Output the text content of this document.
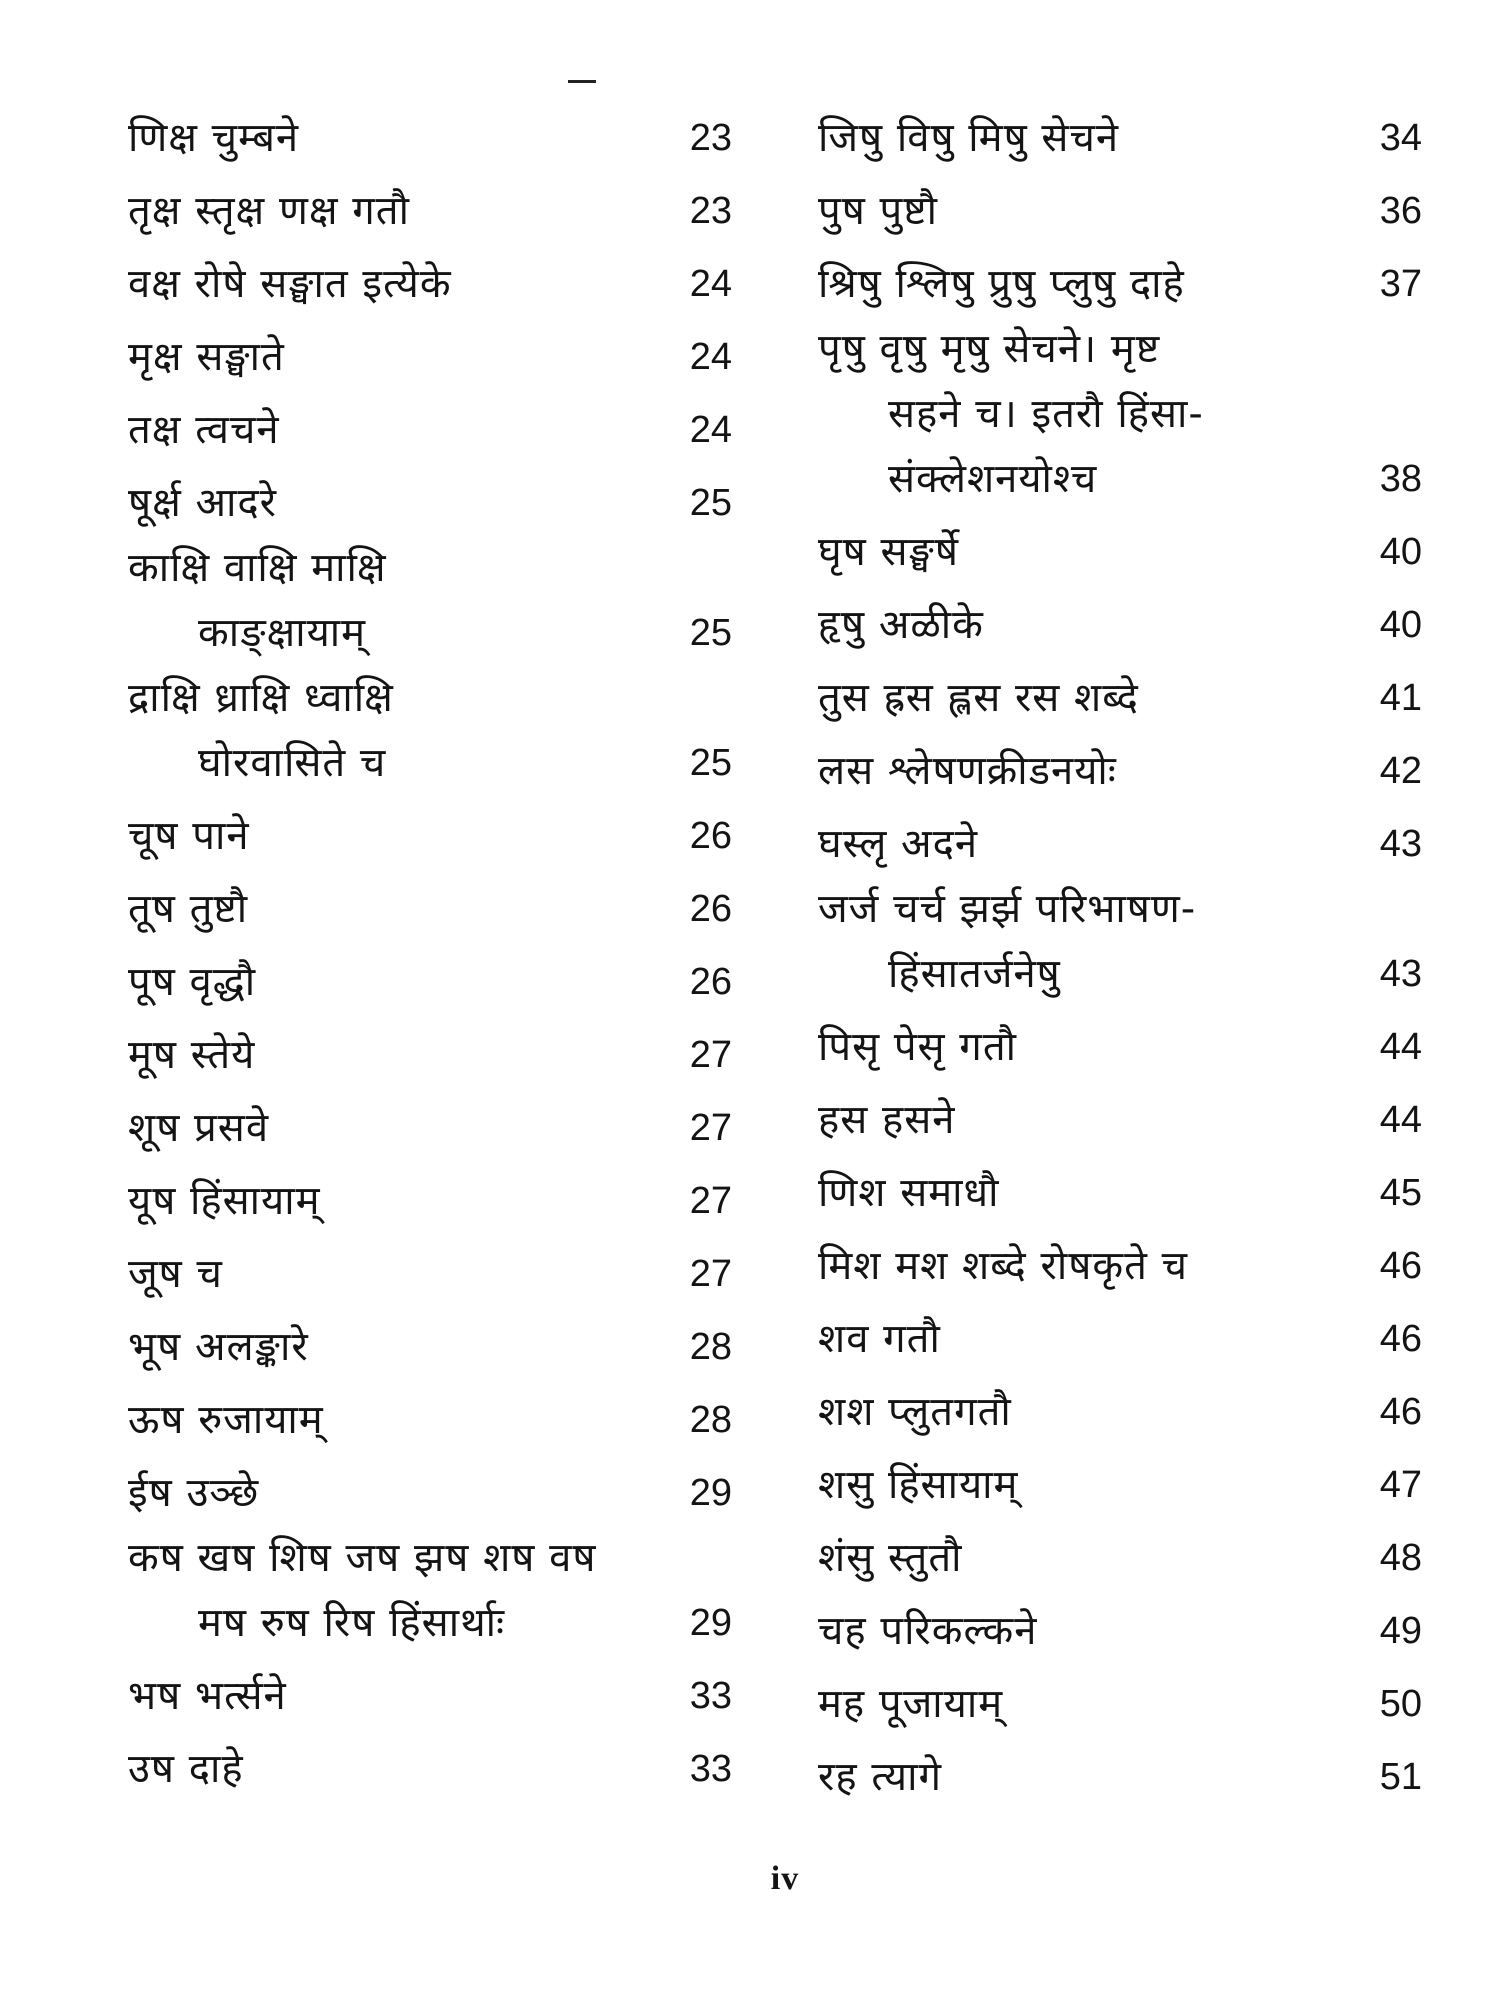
णिक्ष चुम्बने	23
तृक्ष स्तृक्ष णक्ष गतौ	23
वक्ष रोषे सङ्घात इत्येके	24
मृक्ष सङ्घाते	24
तक्ष त्वचने	24
षूर्क्ष आदरे	25
काक्षि वाक्षि माक्षि
काङ्क्षायाम्	25
द्राक्षि ध्राक्षि ध्वाक्षि
घोरवासिते च	25
चूष पाने	26
तूष तुष्टौ	26
पूष वृद्धौ	26
मूष स्तेये	27
शूष प्रसवे	27
यूष हिंसायाम्	27
जूष च	27
भूष अलङ्कारे	28
ऊष रुजायाम्	28
ईष उञ्छे	29
कष खष शिष जष झष शष वष
मष रुष रिष हिंसार्थाः	29
भष भर्त्सने	33
उष दाहे	33
जिषु विषु मिषु सेचने	34
पुष पुष्टौ	36
श्रिषु श्लिषु प्रुषु प्लुषु दाहे	37
पृषु वृषु मृषु सेचने। मृष्ट
सहने च। इतरौ हिंसा-
संक्लेशनयोश्च	38
घृष सङ्घर्षे	40
हृषु अळीके	40
तुस ह्रस ह्लस रस शब्दे	41
लस श्लेषणक्रीडनयोः	42
घस्लृ अदने	43
जर्ज चर्च झर्झ परिभाषण-
हिंसातर्जनेषु	43
पिसृ पेसृ गतौ	44
हस हसने	44
णिश समाधौ	45
मिश मश शब्दे रोषकृते च	46
शव गतौ	46
शश प्लुतगतौ	46
शसु हिंसायाम्	47
शंसु स्तुतौ	48
चह परिकल्कने	49
मह पूजायाम्	50
रह त्यागे	51
iv
